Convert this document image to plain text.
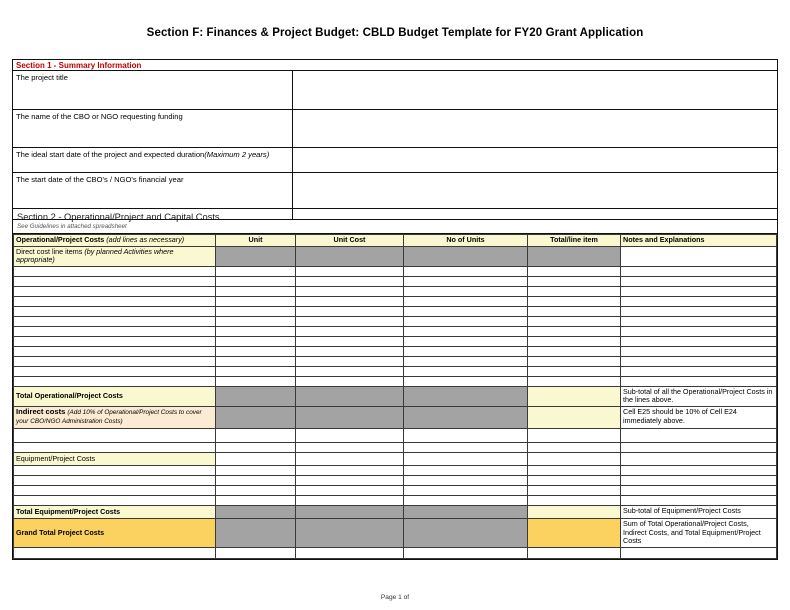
Section F: Finances & Project Budget: CBLD Budget Template for FY20 Grant Application
Section 1 - Summary Information
The project title
The name of the CBO or NGO requesting funding
The ideal start date of the project and expected duration(Maximum 2 years)
The start date of the CBO's / NGO's financial year
Section 2 - Operational/Project and Capital Costs
See Guidelines in attached spreadsheet
Operational/Project Costs (add lines as necessary)	Unit	Unit Cost	No of Units	Total/line item	Notes and Explanations
Direct cost line items (by planned Activities where appropriate)					

Total Operational/Project Costs					Sub-total of all the Operational/Project Costs in the lines above.
Indirect costs (Add 10% of Operational/Project Costs to cover your CBO/NGO Administration Costs)					Cell E25 should be 10% of Cell E24 immediately above.

Equipment/Project Costs					

Total Equipment/Project Costs					Sub-total of Equipment/Project Costs
Grand Total Project Costs					Sum of Total Operational/Project Costs, Indirect Costs, and Total Equipment/Project Costs

Page 1 of
